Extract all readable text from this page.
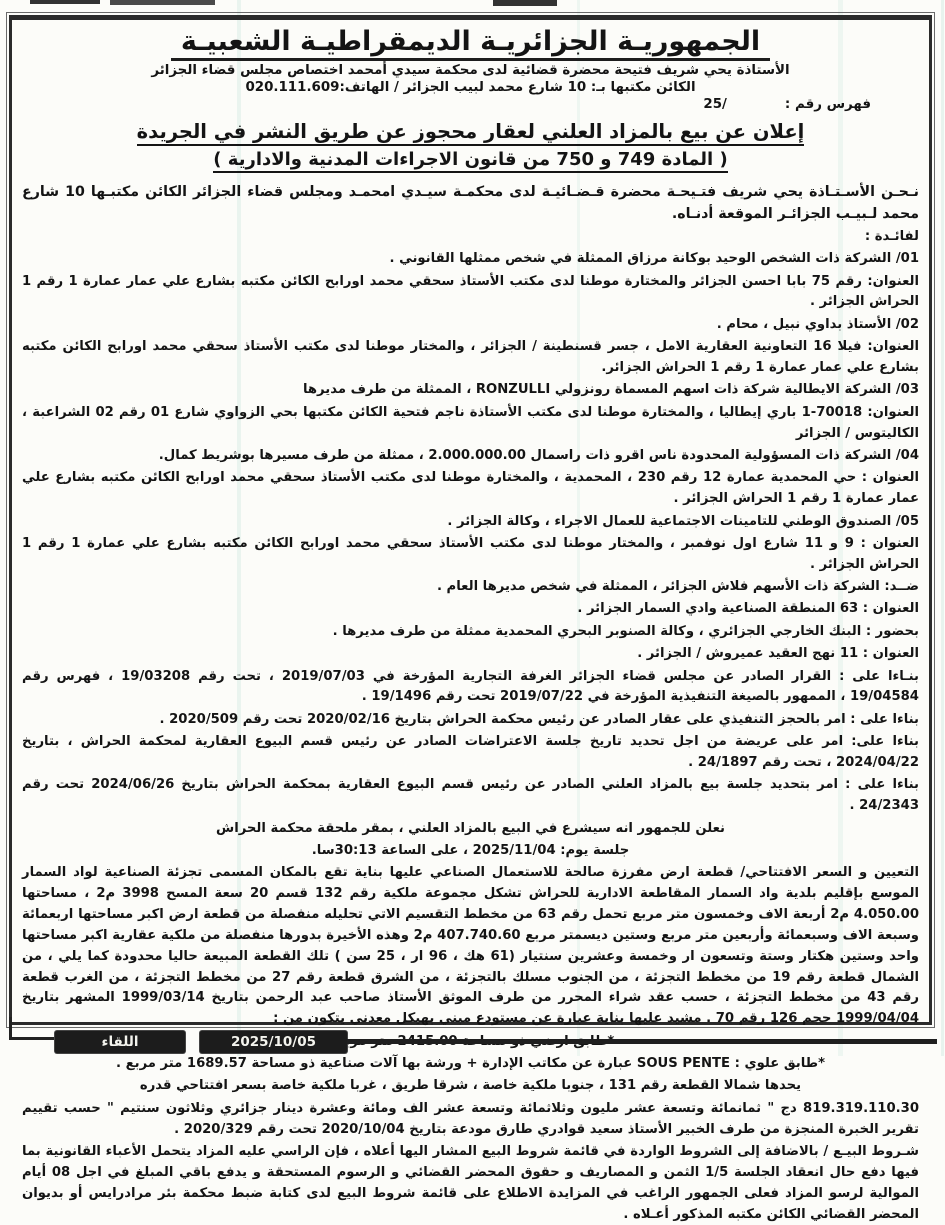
الجمهوريـة الجزائريـة الديمقراطيـة الشعبيـة
الأستاذة يحي شريف فتيحة محضرة قضائية لدى محكمة سيدي أمحمد اختصاص مجلس قضاء الجزائر
الكائن مكتبها بـ: 10 شارع محمد لبيب الجزائر / الهاتف:020.111.609
فهرس رقم :
/25
إعلان عن بيع بالمزاد العلني لعقار محجوز عن طريق النشر في الجريدة
( المادة 749 و 750 من قانون الاجراءات المدنية والادارية )

نـحـن الأسـتـاذة يحي شريف فتـيحـة محضرة قـضـائيـة لدى محكمـة سيـدي امحمـد ومجلس قضاء الجزائر الكائن مكتبـها 10 شارع محمد لـبيـب الجزائـر الموقعة أدنـاه.

لفائـدة :

01/ الشركة ذات الشخص الوحيد بوكانة مرزاق الممثلة في شخص ممثلها القانوني .

العنوان: رقم 75 بابا احسن الجزائر والمختارة موطنا لدى مكتب الأستاذ سحقي محمد اورابح الكائن مكتبه بشارع علي عمار عمارة 1 رقم 1 الحراش الجزائر .

02/ الأستاذ بداوي نبيل ، محام .

العنوان: فيلا 16 التعاونية العقارية الامل ، جسر قسنطينة / الجزائر ، والمختار موطنا لدى مكتب الأستاذ سحقي محمد اورابح الكائن مكتبه بشارع علي عمار عمارة 1 رقم 1 الحراش الجزائر.

03/ الشركة الايطالية شركة ذات اسهم المسماة رونزولي RONZULLI ، الممثلة من طرف مديرها

العنوان: 70018-1 باري إيطاليا ، والمختارة موطنا لدى مكتب الأستاذة ناجم فتحية الكائن مكتبها بحي الزواوي شارع 01 رقم 02 الشراعبة ، الكاليتوس / الجزائر

04/ الشركة ذات المسؤولية المحدودة ناس اقرو ذات راسمال 2.000.000.00 ، ممثلة من طرف مسيرها بوشريط كمال.

العنوان : حي المحمدية عمارة 12 رقم 230 ، المحمدية ، والمختارة موطنا لدى مكتب الأستاذ سحقي محمد اورابح الكائن مكتبه بشارع علي عمار عمارة 1 رقم 1 الحراش الجزائر .

05/ الصندوق الوطني للتامينات الاجتماعية للعمال الاجراء ، وكالة الجزائر .

العنوان : 9 و 11 شارع اول نوفمبر ، والمختار موطنا لدى مكتب الأستاذ سحقي محمد اورابح الكائن مكتبه بشارع علي عمارة 1 رقم 1 الحراش الجزائر .

ضــد: الشركة ذات الأسهم فلاش الجزائر ، الممثلة في شخص مديرها العام .

العنوان : 63 المنطقة الصناعية وادي السمار الجزائر .

بحضور : البنك الخارجي الجزائري ، وكالة الصنوبر البحري المحمدية ممثلة من طرف مديرها .

العنوان : 11 نهج العقيد عميروش / الجزائر .

بنـاءا على : القرار الصادر عن مجلس قضاء الجزائر الغرفة التجارية المؤرخة في 2019/07/03 ، تحت رقم 19/03208 ، فهرس رقم 19/04584 ، الممهور بالصيغة التنفيذية المؤرخة في 2019/07/22 تحت رقم 19/1496 .

بناءا على : امر بالحجز التنفيذي على عقار الصادر عن رئيس محكمة الحراش بتاريخ 2020/02/16 تحت رقم 2020/509 .

بناءا على: امر على عريضة من اجل تحديد تاريخ جلسة الاعتراضات الصادر عن رئيس قسم البيوع العقارية لمحكمة الحراش ، بتاريخ 2024/04/22 ، تحت رقم 24/1897 .

بناءا على : امر بتحديد جلسة بيع بالمزاد العلني الصادر عن رئيس قسم البيوع العقارية بمحكمة الحراش بتاريخ 2024/06/26 تحت رقم 24/2343 .

نعلن للجمهور انه سيشرع في البيع بالمزاد العلني ، بمقر ملحقة محكمة الحراش

جلسة يوم: 2025/11/04 ، على الساعة 30:13سا.

التعيين و السعر الافتتاحي/ قطعة ارض مفرزة صالحة للاستعمال الصناعي عليها بناية تقع بالمكان المسمى تجزئة الصناعية لواد السمار الموسع بإقليم بلدية واد السمار المقاطعة الادارية للحراش تشكل مجموعة ملكية رقم 132 قسم 20 سعة المسح 3998 م2 ، مساحتها 4.050.00 م2 أربعة الاف وخمسون متر مربع تحمل رقم 63 من مخطط التقسيم الاتي تحليله منفصلة من قطعة ارض اكبر مساحتها اربعمائة وسبعة الاف وسبعمائة وأربعين متر مربع وستين ديسمتر مربع 407.740.60 م2 وهذه الأخيرة بدورها منفصلة من ملكية عقارية اكبر مساحتها واحد وستين هكتار وستة وتسعون ار وخمسة وعشرين سنتيار (61 هك ، 96 ار ، 25 سن ) تلك القطعة المبيعة حاليا محدودة كما يلي ، من الشمال قطعة رقم 19 من مخطط التجزئة ، من الجنوب مسلك بالتجزئة ، من الشرق قطعة رقم 27 من مخطط التجزئة ، من الغرب قطعة رقم 43 من مخطط التجزئة ، حسب عقد شراء المحرر من طرف الموثق الأستاذ صاحب عبد الرحمن بتاريخ 1999/03/14 المشهر بتاريخ 1999/04/04 حجم 126 رقم 70 . مشيد عليها بناية عبارة عن مستودع مبني بهيكل معدني يتكون من :

*طابق علوي : SOUS PENTE عبارة عن مكاتب الإدارة + ورشة بها آلات صناعية ذو مساحة 1689.57 متر مربع .

يحدها شمالا القطعة رقم 131 ، جنوبا ملكية خاصة ، شرقا طريق ، غربا ملكية خاصة بسعر افتتاحي قدره

819.319.110.30 دج " ثمانمائة وتسعة عشر مليون وثلاثمائة وتسعة عشر الف ومائة وعشرة دينار جزائري وثلاثون سنتيم " حسب تقييم تقرير الخبرة المنجزة من طرف الخبير الأستاذ سعيد قوادري طارق مودعة بتاريخ 2020/10/04 تحت رقم 2020/329 .

شـروط البيـع / بالاضافة إلى الشروط الواردة في قائمة شروط البيع المشار اليها أعلاه ، فإن الراسي عليه المزاد يتحمل الأعباء القانونية بما فيها دفع حال انعقاد الجلسة 1/5 الثمن و المصاريف و حقوق المحضر القضائي و الرسوم المستحقة و يدفع باقي المبلغ في اجل 08 أيام الموالية لرسو المزاد فعلى الجمهور الراغب في المزايدة الاطلاع على قائمة شروط البيع لدى كتابة ضبط محكمة بئر مرادرايس أو بديوان المحضر القضائي الكائن مكتبه المذكور أعـلاه .

اللقاء	2025/10/05
